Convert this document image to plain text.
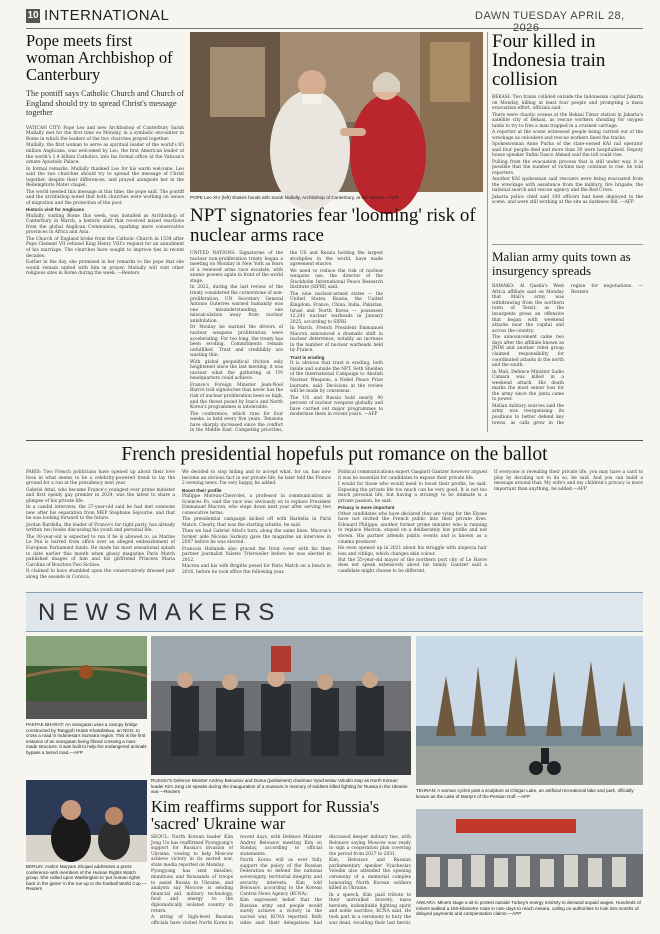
10 INTERNATIONAL	DAWN TUESDAY APRIL 28, 2026
Pope meets first woman Archbishop of Canterbury

The pontiff says Catholic Church and Church of England should try to spread Christ's message together

VATICAN CITY: Pope Leo and new Archbishop of Canterbury Sarah Mullally met for the first time on Monday, in a symbolic encounter in Rome in which the leaders of the two churches prayed together.

Mullally, the first woman to serve as spiritual leader of the world's 85 million Anglicans, was welcomed by Leo, the first American leader of the world's 1.4 billion Catholics, into his formal office at the Vatican's ornate Apostolic Palace.

In formal remarks, Mullally thanked Leo for his warm welcome. Leo said the two churches should try to spread the message of Christ together, despite their differences, and prayed alongside her in the Redemptoris Mater chapel.

The world needed this message at this time, the pope said. The pontiff and the archbishop noted that both churches were working on issues of migration and the protection of the poor.

Historic visit for Anglicans

Mullally, visiting Rome this week, was installed as Archbishop of Canterbury in March, a historic shift that received mixed reactions from the global Anglican Communion, sparking more conservative provinces in Africa and Asia.

The Church of England broke from the Catholic Church in 1534 after Pope Clement VII refused King Henry VIII's request for an annulment of his marriage. The churches have sought to improve ties in recent decades.

Earlier in the day, she promised in her remarks to the pope that she would remain united with him in prayer. Mullally will visit other religious sites in Rome during the week. —Reuters

POPE Leo XIV (left) shakes hands with Sarah Mullally, Archbishop of Canterbury, at the Vatican.—AFP
NPT signatories fear 'looming' risk of nuclear arms race

UNITED NATIONS: Signatories of the nuclear non-proliferation treaty began a meeting on Monday in New York as fears of a renewed arms race escalate, with atomic powers again in front of the world stage.

In 2022, during the last review of the treaty considered the cornerstone of non-proliferation, UN Secretary General Antonio Guterres warned humanity was one misunderstanding, one miscalculation away from nuclear annihilation.

Dr Moulay he warned the drivers of nuclear weapons proliferation were accelerating. For too long, the treaty has been eroding. Commitments remain unfulfilled. Trust and credibility are wasting thin.

With global geopolitical friction only heightened since the last meeting, it was unclear what the gathering at UN headquarters could achieve.

France's Foreign Minister Jean-Noel Barrot told signatories that never has the risk of nuclear proliferation been so high, and the threat posed by Iran's and North Korea's programmes is intolerable.

The conference, which runs for four weeks, is held every five years. Tensions have sharply increased since the conflict in the Middle East. Competing priorities, the US and Russia holding the largest stockpiles in the world, have made agreement elusive.

We need to reduce the risk of nuclear weapons use, the director of the Stockholm International Peace Research Institute (SIPRI) said.

The nine nuclear-armed states — the United States, Russia, the United Kingdom, France, China, India, Pakistan, Israel and North Korea — possessed 12,241 nuclear warheads in January 2025, according to SIPRI.

In March, French President Emmanuel Macron announced a dramatic shift in nuclear deterrence, notably an increase in the number of nuclear warheads held by France.

Trust is eroding

It is obvious that trust is eroding, both inside and outside the NPT, Seth Shelden of the International Campaign to Abolish Nuclear Weapons, a Nobel Peace Prize laureate, said. Decisions at the review will be made by consensus.

The US and Russia hold nearly 90 percent of nuclear weapons globally and have carried out major programmes to modernise them in recent years. —AFP

Four killed in Indonesia train collision

BEKASI: Two trains collided outside the Indonesian capital Jakarta on Monday, killing at least four people and prompting a mass evacuation effort, officials said.

There were chaotic scenes at the Bekasi Timur station in Jakarta's satellite city of Bekasi, as rescue workers shouting for oxygen tanks to try to free a man trapped in a crushed carriage.

A reporter at the scene witnessed people being carried out of the wreckage as onlookers and rescue workers lined the tracks.

Spokeswoman Anne Purba of the state-owned KAI rail operator said four people died and more than 30 were hospitalised. Deputy house speaker Sufmi Dasco Ahmad said the toll could rise.

Pulling from the evacuation process that is still under way, it is possible that the number of victims may continue to rise, he told reporters.

Another KAI spokesman said rescuers were being evacuated from the wreckage with assistance from the military, fire brigade, the national search and rescue agency and the Red Cross.

Jakarta police chief said 100 officers had been deployed to the scene, and were still working at the site as darkness fell. —AFP

Malian army quits town as insurgency spreads

BAMAKO: Al Qaeda's West Africa affiliate said on Monday that Mali's army was withdrawing from the northern town of Tessit, as the insurgents press an offensive that began with weekend attacks near the capital and across the country.

The announcement came two days after the affiliate known as JNIM and another rebel group claimed responsibility for coordinated attacks in the north and the south.

In Mali, Defence Minister Sadio Camara was killed in a weekend attack. His death marks the most senior loss for the army since the junta came to power.

Malian military sources said the army was reorganising its positions to better defend key towns, as calls grow in the region for negotiations. —Reuters

French presidential hopefuls put romance on the ballot

PARIS: Two French politicians have opened up about their love lives in what seems to be a celebrity-powered trend to lay the ground for a run at the presidency next year.

Gabriel Attal, who became France's youngest ever prime minister and first openly gay premier in 2024, was the latest to share a glimpse of his private life.

In a candid interview, the 37-year-old said he had met someone new after his separation from MEP Stephane Sejourne, and that he was looking forward to the future.

Jordan Bardella, the leader of France's far-right party, has already written two books discussing his youth and personal life.

The 30-year-old is expected to run if he is allowed to, as Marine Le Pen is barred from office over an alleged embezzlement of European Parliament funds. He made his most sensational splash to date earlier this month when glossy magazine Paris Match published images of him and his girlfriend Princess Maria Carolina of Bourbon-Two Sicilies.

It claimed to have stumbled upon the conservatively dressed pair along the seaside in Corsica.

We decided to stop hiding and to accept what, for us, has now become an obvious fact in our private life, he later told the France 2 evening news. I'm very happy, he added.

Boost their profile

Philippe Moreau-Chevrolet, a professor in communication at Sciences Po, said the race was obviously on to replace President Emmanuel Macron, who steps down next year after serving two consecutive terms.

The presidential campaign kicked off with Bardella in Paris Match. Clearly, that was the starting whistle, he said.

Then we had Gabriel Attal's turn, along the same lines. Macron's former aide Nicolas Sarkozy gave the magazine an interview in 2007 before he was elected.

Francois Hollande also graced the front cover with his then partner journalist Valerie Trierweiler before he was elected in 2012.

Macron and his wife Brigitte posed for Paris Match on a beach in 2016, before he took office the following year.

Political communications expert Gaspard Gantzer however argued it was no essential for candidates to expose their private life.

I would for those who would need to boost their profile, he said. Exposing the private life too much can be very good. It is not too much personal life, but having a strategy to be intimate is a private passion, he said.

Privacy is more important

Other candidates who have declared they are vying for the Elysee have not invited the French public into their private lives. Edouard Philippe, another former prime minister who is running to replace Macron, stayed on a deliberately low profile and not shown. His partner attends public events and is known as a cinema producer.

He even opened up in 2021 about his struggle with alopecia hair loss and vitiligo, which changes skin colour.

But the 55-year-old mayor of the northern port city of Le Havre does not speak extensively about his family. Gantzer said a candidate might choose to be different.

If everyone is revealing their private life, you may have a card to play by deciding not to do so, he said. And you can build a message around that: My wife's and my children's privacy is more important than anything, he added.—AFP

NEWSMAKERS
RUSSIA'S Defence Minister Andrey Belousov and Duma (parliament) chairman Vyacheslav Volodin stop as North Korean leader Kim Jong Un speaks during the inauguration of a museum in memory of soldiers killed fighting for Russia in the Ukraine war.—Reuters	TEHRAN: A woman cycles past a sculpture at Chitgar Lake, an artificial recreational lake and park, officially known as the Lake of Martyrs of the Persian Gulf.—AFP
PAKPAK BHARAT: An orangutan uses a canopy bridge constructed by Tanggoh Hutan Khatulistiwa, an NGO, to cross a road in Indonesia's Sumatra region. This is the first instance of an orangutan being filmed crossing a man-made structure. It was built to help the endangered animals bypass a tarred road.—AFP
BERLIN: Author Maryam Shojaei addresses a press conference with members of the Human Rights Watch group. She called upon Washington to 'put human rights back in the game' in the run-up to the football World Cup.—Reuters
Kim reaffirms support for Russia's 'sacred' Ukraine war

SEOUL: North Korean leader Kim Jong Un has reaffirmed Pyongyang's support for Russia's invasion of Ukraine, vowing to help Moscow achieve victory in its sacred war, state media reported on Monday.

Pyongyang has sent missiles, munitions and thousands of troops to assist Russia in Ukraine, and analysts say Moscow is sending financial aid, military technology, food and energy to the diplomatically isolated country in return.

A string of high-level Russian officials have visited North Korea in recent days, with Defence Minister Andrey Belousov meeting Kim on Sunday, according to official statements.

North Korea will as ever fully support the policy of the Russian Federation to defend the national sovereignty, territorial integrity and security interests, Kim told Belousov, according to the Korean Central News Agency (KCNA).

Kim expressed belief that the Russian army and people would surely achieve a victory in the sacred war, KCNA reported. Both sides said their delegations had discussed deeper military ties, with Belousov saying Moscow was ready to sign a cooperation plan covering the period from 2027 to 2031.

Kim, Belousov and Russian parliamentary speaker Vyacheslav Volodin also attended the opening ceremony of a memorial complex honouring North Korean soldiers killed in Ukraine.

In a speech, Kim paid tribute to their unrivalled bravery, mass heroism, indomitable fighting spirit and noble sacrifice, KCNA said. He took part in a ceremony to bury the war dead, recalling their last heroic

ANKARA: Miners stage a sit-in protest outside Turkey's energy ministry to demand unpaid wages. Hundreds of miners walked a 160-kilometre route in nine days to reach Ankara, calling on authorities to look into months of delayed payments and compensation claims.—AFP
